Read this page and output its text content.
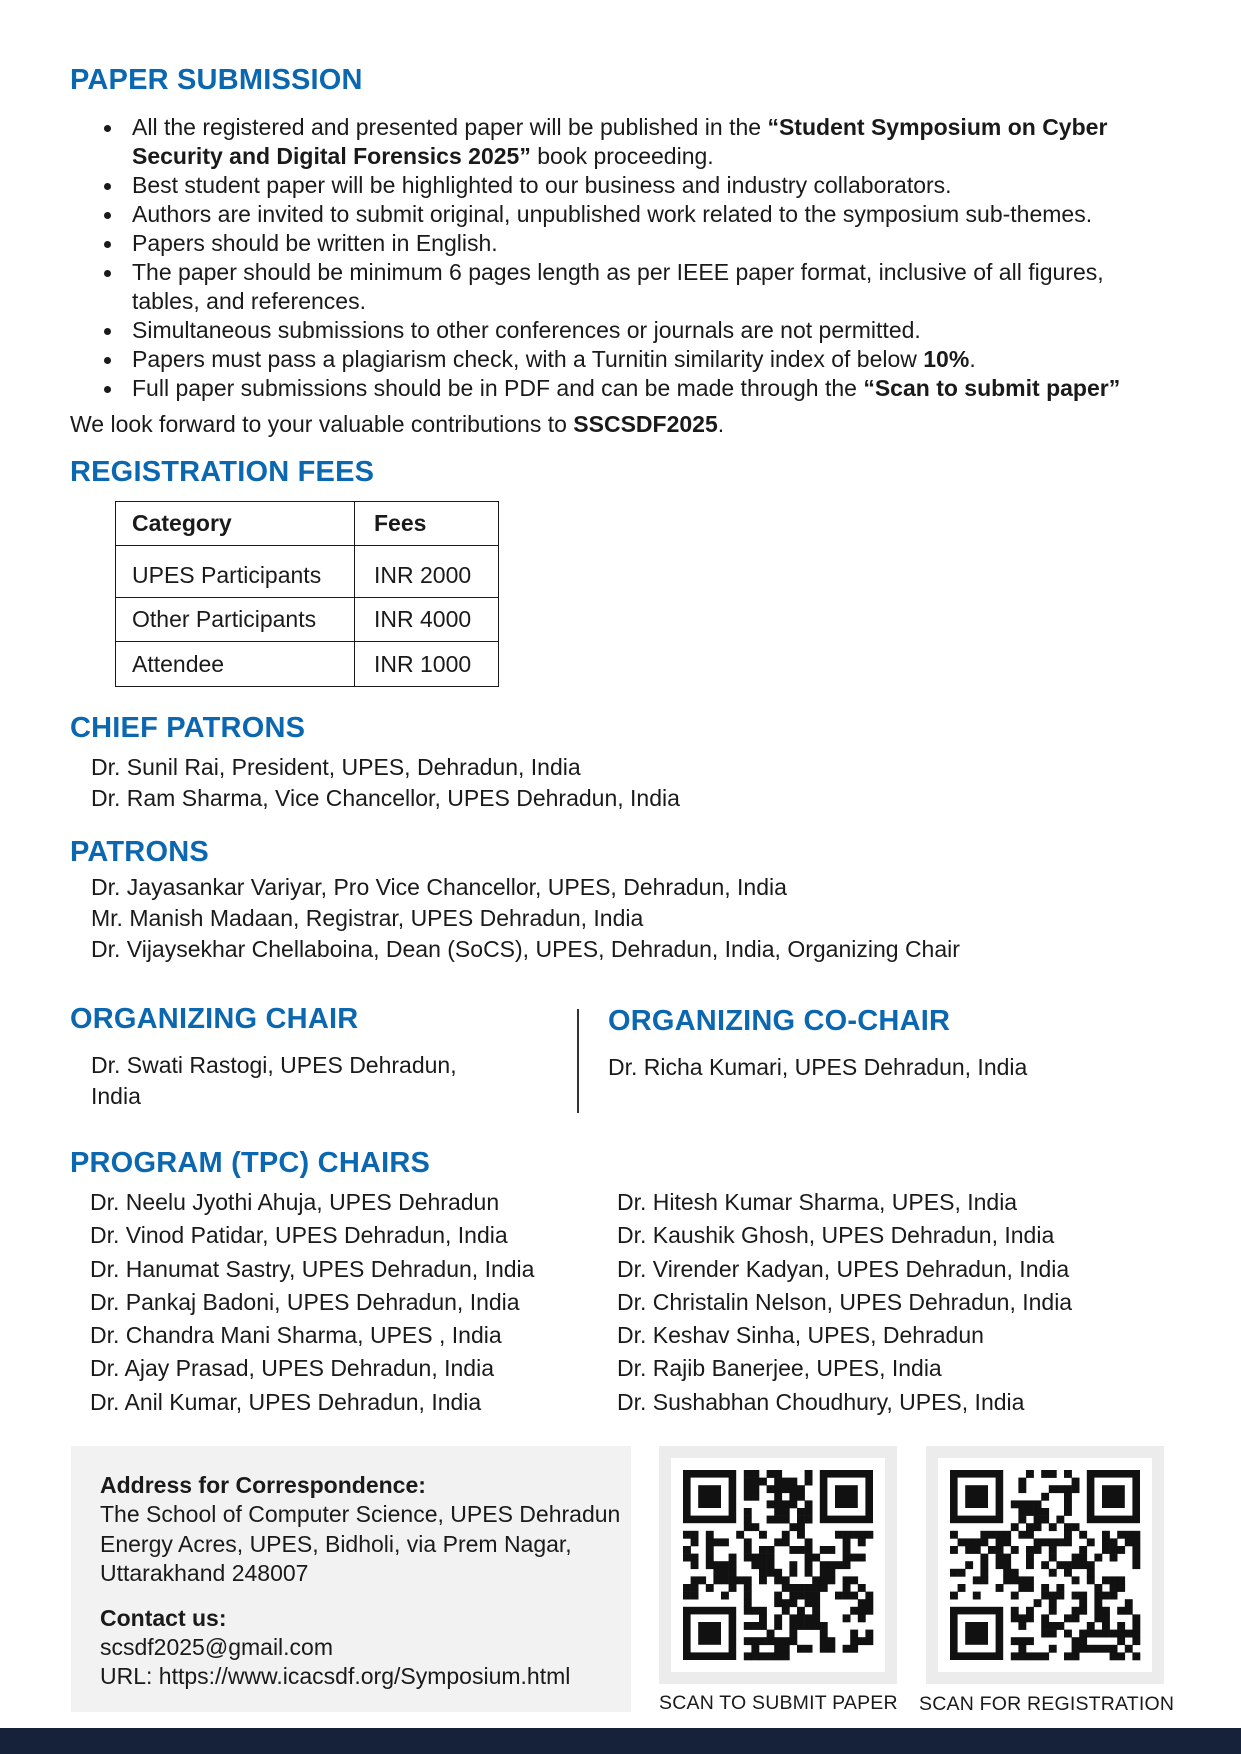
PAPER SUBMISSION
All the registered and presented paper will be published in the “Student Symposium on Cyber Security and Digital Forensics 2025” book proceeding.
Best student paper will be highlighted to our business and industry collaborators.
Authors are invited to submit original, unpublished work related to the symposium sub-themes.
Papers should be written in English.
The paper should be minimum 6 pages length as per IEEE paper format, inclusive of all figures, tables, and references.
Simultaneous submissions to other conferences or journals are not permitted.
Papers must pass a plagiarism check, with a Turnitin similarity index of below 10%.
Full paper submissions should be in PDF and can be made through the “Scan to submit paper”
We look forward to your valuable contributions to SSCSDF2025.
REGISTRATION FEES
Category	Fees
UPES Participants	INR 2000
Other Participants	INR 4000
Attendee	INR 1000
CHIEF PATRONS
Dr. Sunil Rai, President, UPES, Dehradun, India
Dr. Ram Sharma, Vice Chancellor, UPES Dehradun, India
PATRONS
Dr. Jayasankar Variyar, Pro Vice Chancellor, UPES, Dehradun, India
Mr. Manish Madaan, Registrar, UPES Dehradun, India
Dr. Vijaysekhar Chellaboina, Dean (SoCS), UPES, Dehradun, India, Organizing Chair
ORGANIZING CHAIR
Dr. Swati Rastogi, UPES Dehradun,
India
ORGANIZING CO-CHAIR
Dr. Richa Kumari, UPES Dehradun, India
PROGRAM (TPC) CHAIRS
Dr. Neelu Jyothi Ahuja, UPES Dehradun
Dr. Vinod Patidar, UPES Dehradun, India
Dr. Hanumat Sastry, UPES Dehradun, India
Dr. Pankaj Badoni, UPES Dehradun, India
Dr. Chandra Mani Sharma, UPES , India
Dr. Ajay Prasad, UPES Dehradun, India
Dr. Anil Kumar, UPES Dehradun, India
Dr. Hitesh Kumar Sharma, UPES, India
Dr. Kaushik Ghosh, UPES Dehradun, India
Dr. Virender Kadyan, UPES Dehradun, India
Dr. Christalin Nelson, UPES Dehradun, India
Dr. Keshav Sinha, UPES, Dehradun
Dr. Rajib Banerjee, UPES, India
Dr. Sushabhan Choudhury, UPES, India
Address for Correspondence:
The School of Computer Science, UPES Dehradun
Energy Acres, UPES, Bidholi, via Prem Nagar,
Uttarakhand 248007
Contact us:
scsdf2025@gmail.com
URL: https://www.icacsdf.org/Symposium.html
SCAN TO SUBMIT PAPER SCAN FOR REGISTRATION
